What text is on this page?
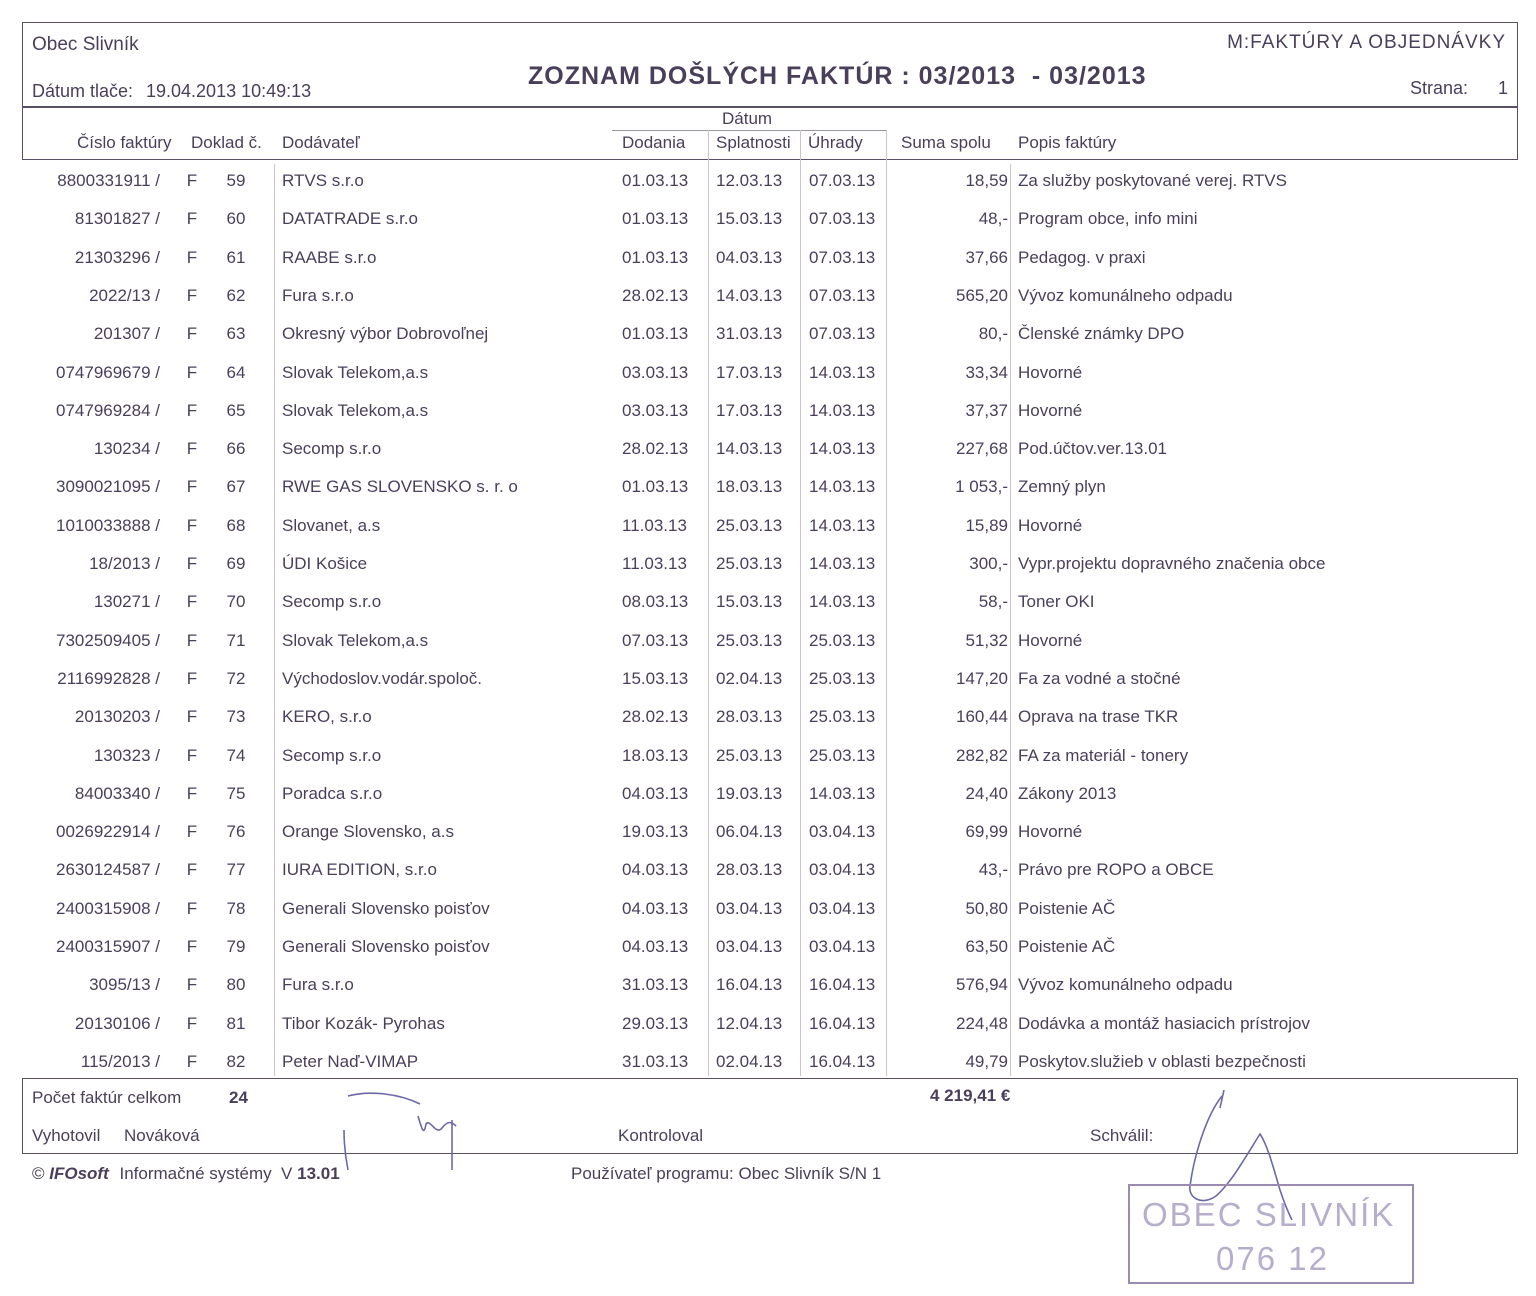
Obec Slivník	M:FAKTÚRY A OBJEDNÁVKY
Dátum tlače: 19.04.2013 10:49:13
ZOZNAM DOŠLÝCH FAKTÚR : 03/2013  - 03/2013	Strana: 1
Číslo faktúry Doklad č. Dodávateľ
Dátum
Dodania Splatnosti Úhrady Suma spolu Popis faktúry
8800331911 /	F	59	RTVS s.r.o	01.03.13	12.03.13	07.03.13	18,59 Za služby poskytované verej. RTVS
81301827 /	F	60	DATATRADE s.r.o	01.03.13	15.03.13	07.03.13	48,- Program obce, info mini
21303296 /	F	61	RAABE s.r.o	01.03.13	04.03.13	07.03.13	37,66 Pedagog. v praxi
2022/13 /	F	62	Fura s.r.o	28.02.13	14.03.13	07.03.13	565,20 Vývoz komunálneho odpadu
201307 /	F	63	Okresný výbor Dobrovoľnej	01.03.13	31.03.13	07.03.13	80,- Členské známky DPO
0747969679 /	F	64	Slovak Telekom,a.s	03.03.13	17.03.13	14.03.13	33,34 Hovorné
0747969284 /	F	65	Slovak Telekom,a.s	03.03.13	17.03.13	14.03.13	37,37 Hovorné
130234 /	F	66	Secomp s.r.o	28.02.13	14.03.13	14.03.13	227,68 Pod.účtov.ver.13.01
3090021095 /	F	67	RWE GAS SLOVENSKO s. r. o	01.03.13	18.03.13	14.03.13	1 053,- Zemný plyn
1010033888 /	F	68	Slovanet, a.s	11.03.13	25.03.13	14.03.13	15,89 Hovorné
18/2013 /	F	69	ÚDI Košice	11.03.13	25.03.13	14.03.13	300,- Vypr.projektu dopravného značenia obce
130271 /	F	70	Secomp s.r.o	08.03.13	15.03.13	14.03.13	58,- Toner OKI
7302509405 /	F	71	Slovak Telekom,a.s	07.03.13	25.03.13	25.03.13	51,32 Hovorné
2116992828 /	F	72	Východoslov.vodár.spoloč.	15.03.13	02.04.13	25.03.13	147,20 Fa za vodné a stočné
20130203 /	F	73	KERO, s.r.o	28.02.13	28.03.13	25.03.13	160,44 Oprava na trase TKR
130323 /	F	74	Secomp s.r.o	18.03.13	25.03.13	25.03.13	282,82 FA za materiál - tonery
84003340 /	F	75	Poradca s.r.o	04.03.13	19.03.13	14.03.13	24,40 Zákony 2013
0026922914 /	F	76	Orange Slovensko, a.s	19.03.13	06.04.13	03.04.13	69,99 Hovorné
2630124587 /	F	77	IURA EDITION, s.r.o	04.03.13	28.03.13	03.04.13	43,- Právo pre ROPO a OBCE
2400315908 /	F	78	Generali Slovensko poisťov	04.03.13	03.04.13	03.04.13	50,80 Poistenie AČ
2400315907 /	F	79	Generali Slovensko poisťov	04.03.13	03.04.13	03.04.13	63,50 Poistenie AČ
3095/13 /	F	80	Fura s.r.o	31.03.13	16.04.13	16.04.13	576,94 Vývoz komunálneho odpadu
20130106 /	F	81	Tibor Kozák- Pyrohas	29.03.13	12.04.13	16.04.13	224,48 Dodávka a montáž hasiacich prístrojov
115/2013 /	F	82	Peter Naď-VIMAP	31.03.13	02.04.13	16.04.13	49,79 Poskytov.služieb v oblasti bezpečnosti
Počet faktúr celkom	24	4 219,41 €
Vyhotovil Nováková	Kontroloval	Schválil:
© IFOsoft Informačné systémy  V 13.01	Používateľ programu: Obec Slivník S/N 1
OBEC SLIVNÍK
076 12
